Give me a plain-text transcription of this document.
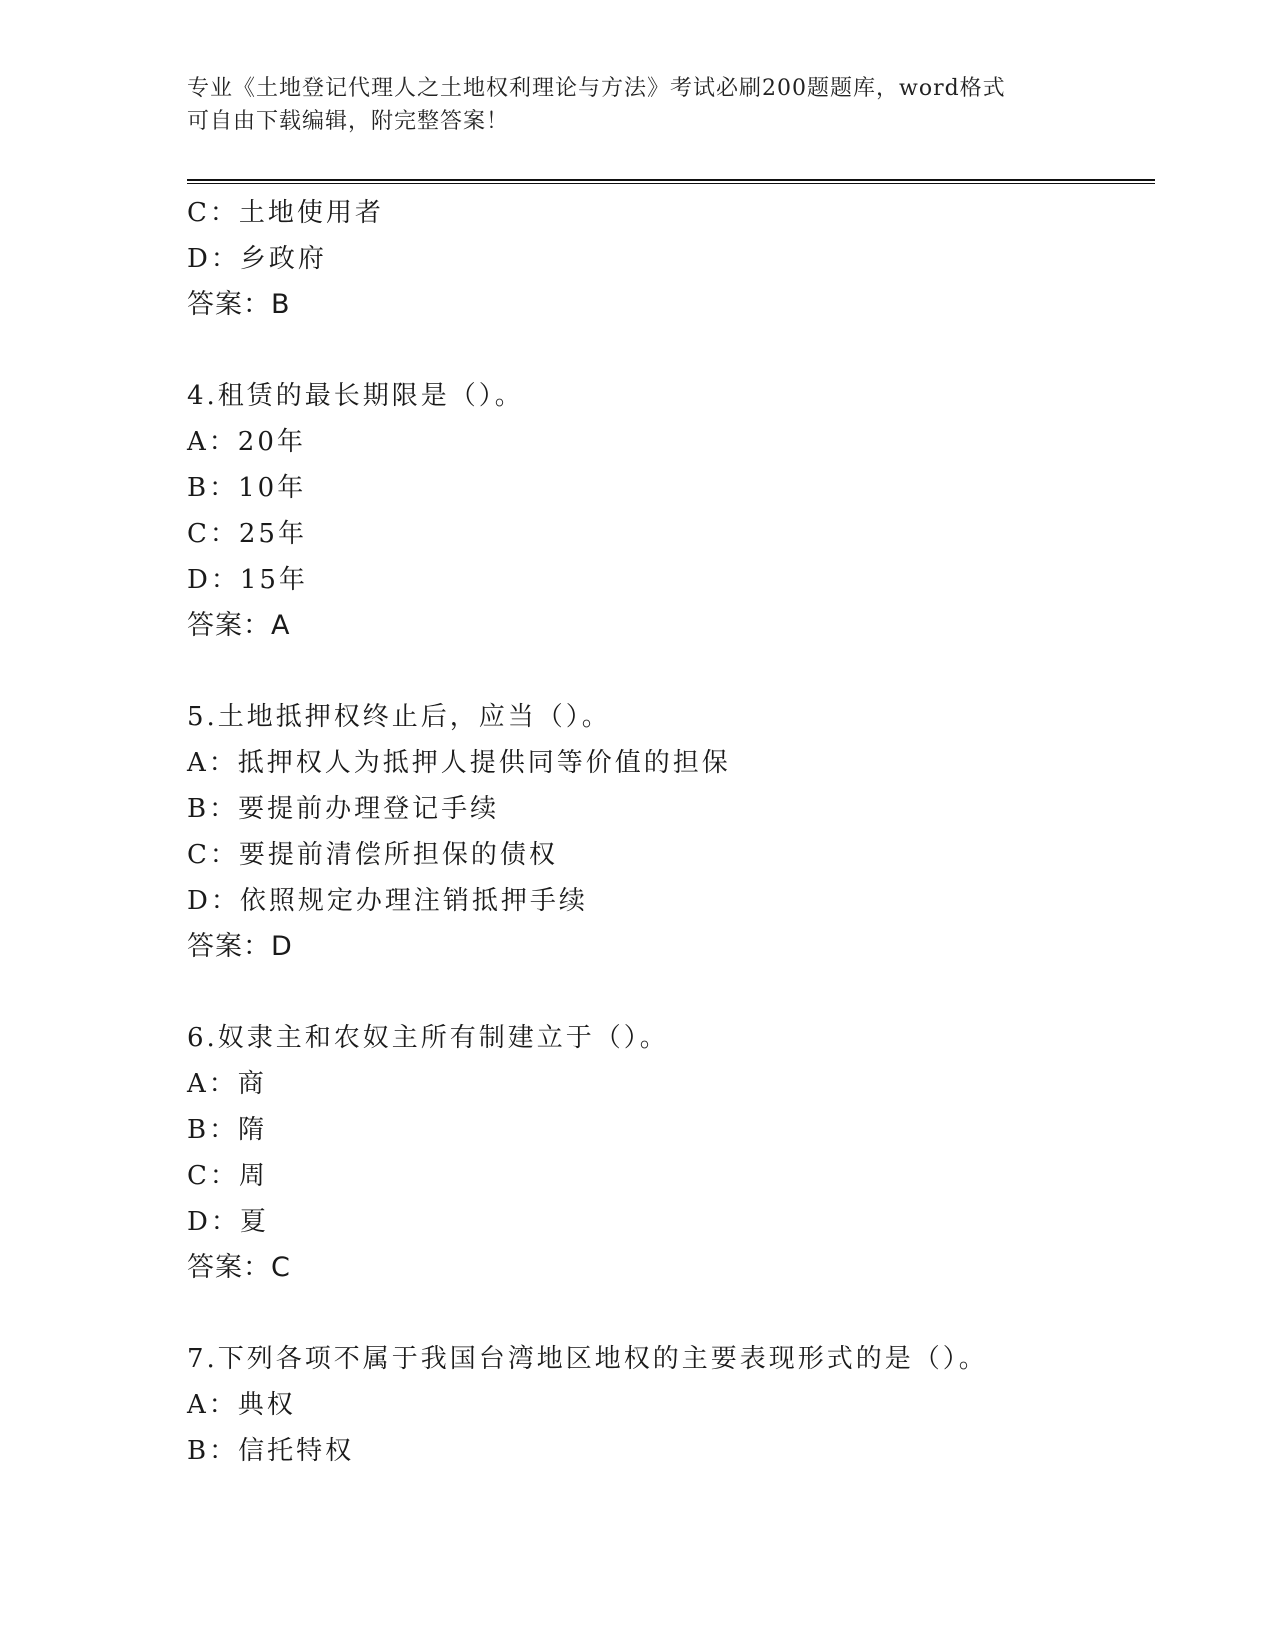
专业《土地登记代理人之土地权利理论与方法》考试必刷200题题库，word格式
可自由下载编辑，附完整答案！
C：土地使用者
D：乡政府
答案：B
4.租赁的最长期限是（）。
A：20年
B：10年
C：25年
D：15年
答案：A
5.土地抵押权终止后，应当（）。
A：抵押权人为抵押人提供同等价值的担保
B：要提前办理登记手续
C：要提前清偿所担保的债权
D：依照规定办理注销抵押手续
答案：D
6.奴隶主和农奴主所有制建立于（）。
A：商
B：隋
C：周
D：夏
答案：C
7.下列各项不属于我国台湾地区地权的主要表现形式的是（）。
A：典权
B：信托特权
